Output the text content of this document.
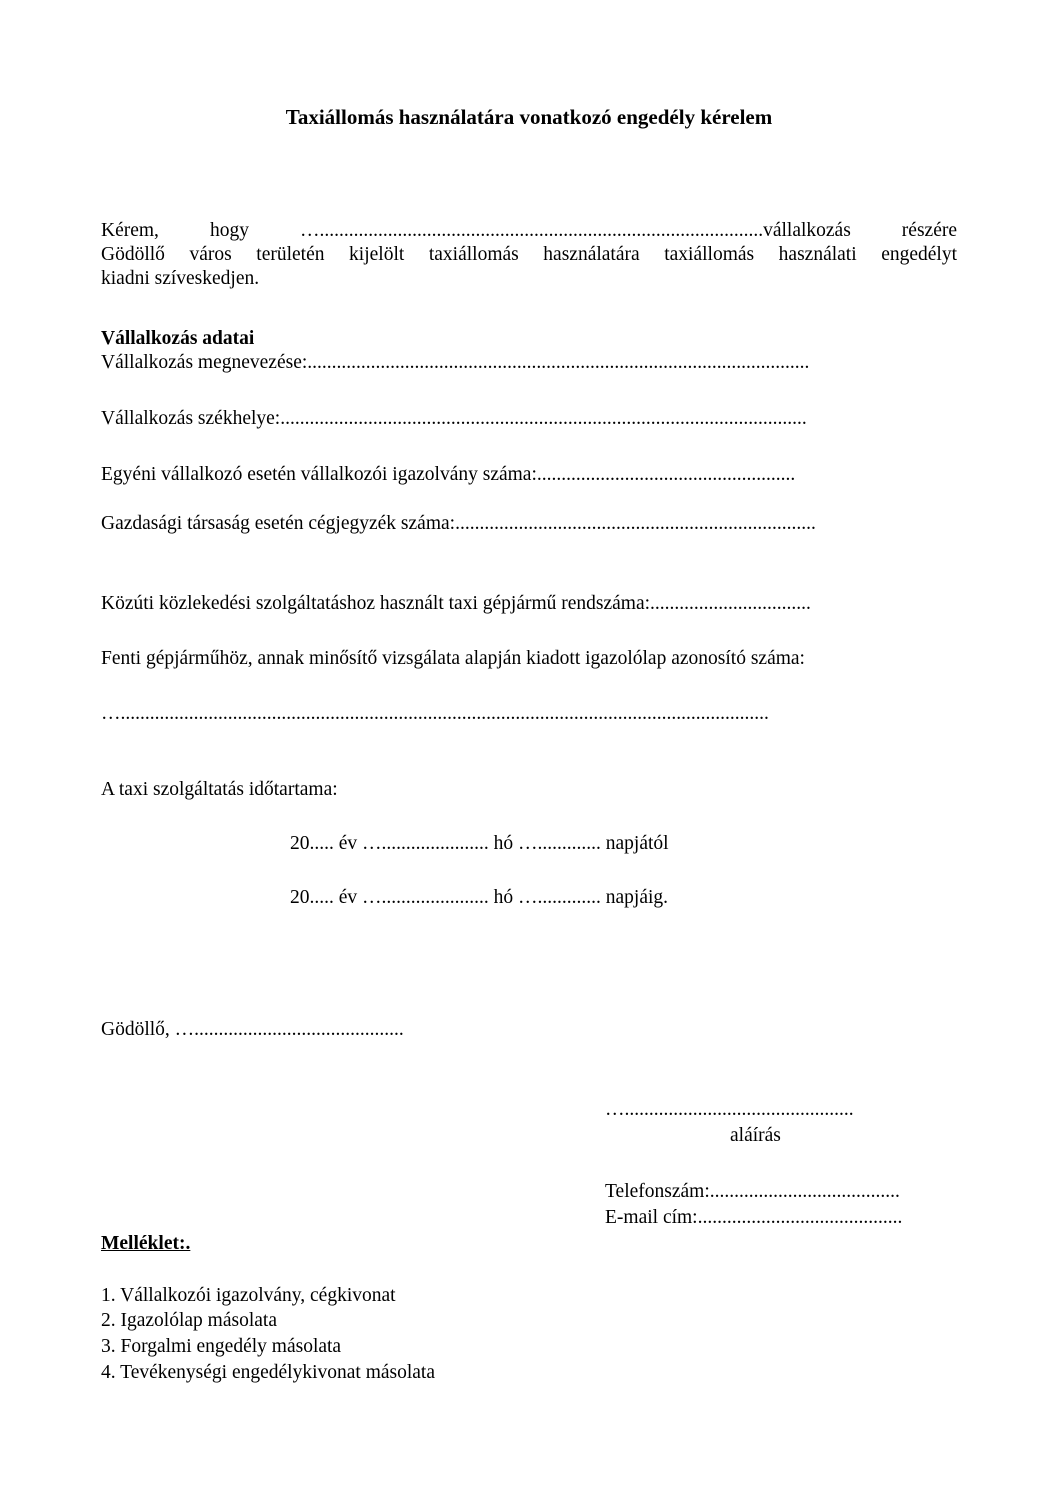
Taxiállomás használatára vonatkozó engedély kérelem
Kérem, hogy …...........................................................................................vállalkozás részére
Gödöllő város területén kijelölt taxiállomás használatára taxiállomás használati engedélyt
kiadni szíveskedjen.
Vállalkozás adatai
Vállalkozás megnevezése:.......................................................................................................
Vállalkozás székhelye:............................................................................................................
Egyéni vállalkozó esetén vállalkozói igazolvány száma:.....................................................
Gazdasági társaság esetén cégjegyzék száma:..........................................................................
Közúti közlekedési szolgáltatáshoz használt taxi gépjármű rendszáma:.................................
Fenti gépjárműhöz, annak minősítő vizsgálata alapján kiadott igazolólap azonosító száma:
….....................................................................................................................................
A taxi szolgáltatás időtartama:
20..... év …...................... hó …............. napjától
20..... év …...................... hó …............. napjáig.
Gödöllő, …...........................................
…...............................................
aláírás
Telefonszám:.......................................
E-mail cím:..........................................
Melléklet:.
1. Vállalkozói igazolvány, cégkivonat
2. Igazolólap másolata
3. Forgalmi engedély másolata
4. Tevékenységi engedélykivonat másolata
